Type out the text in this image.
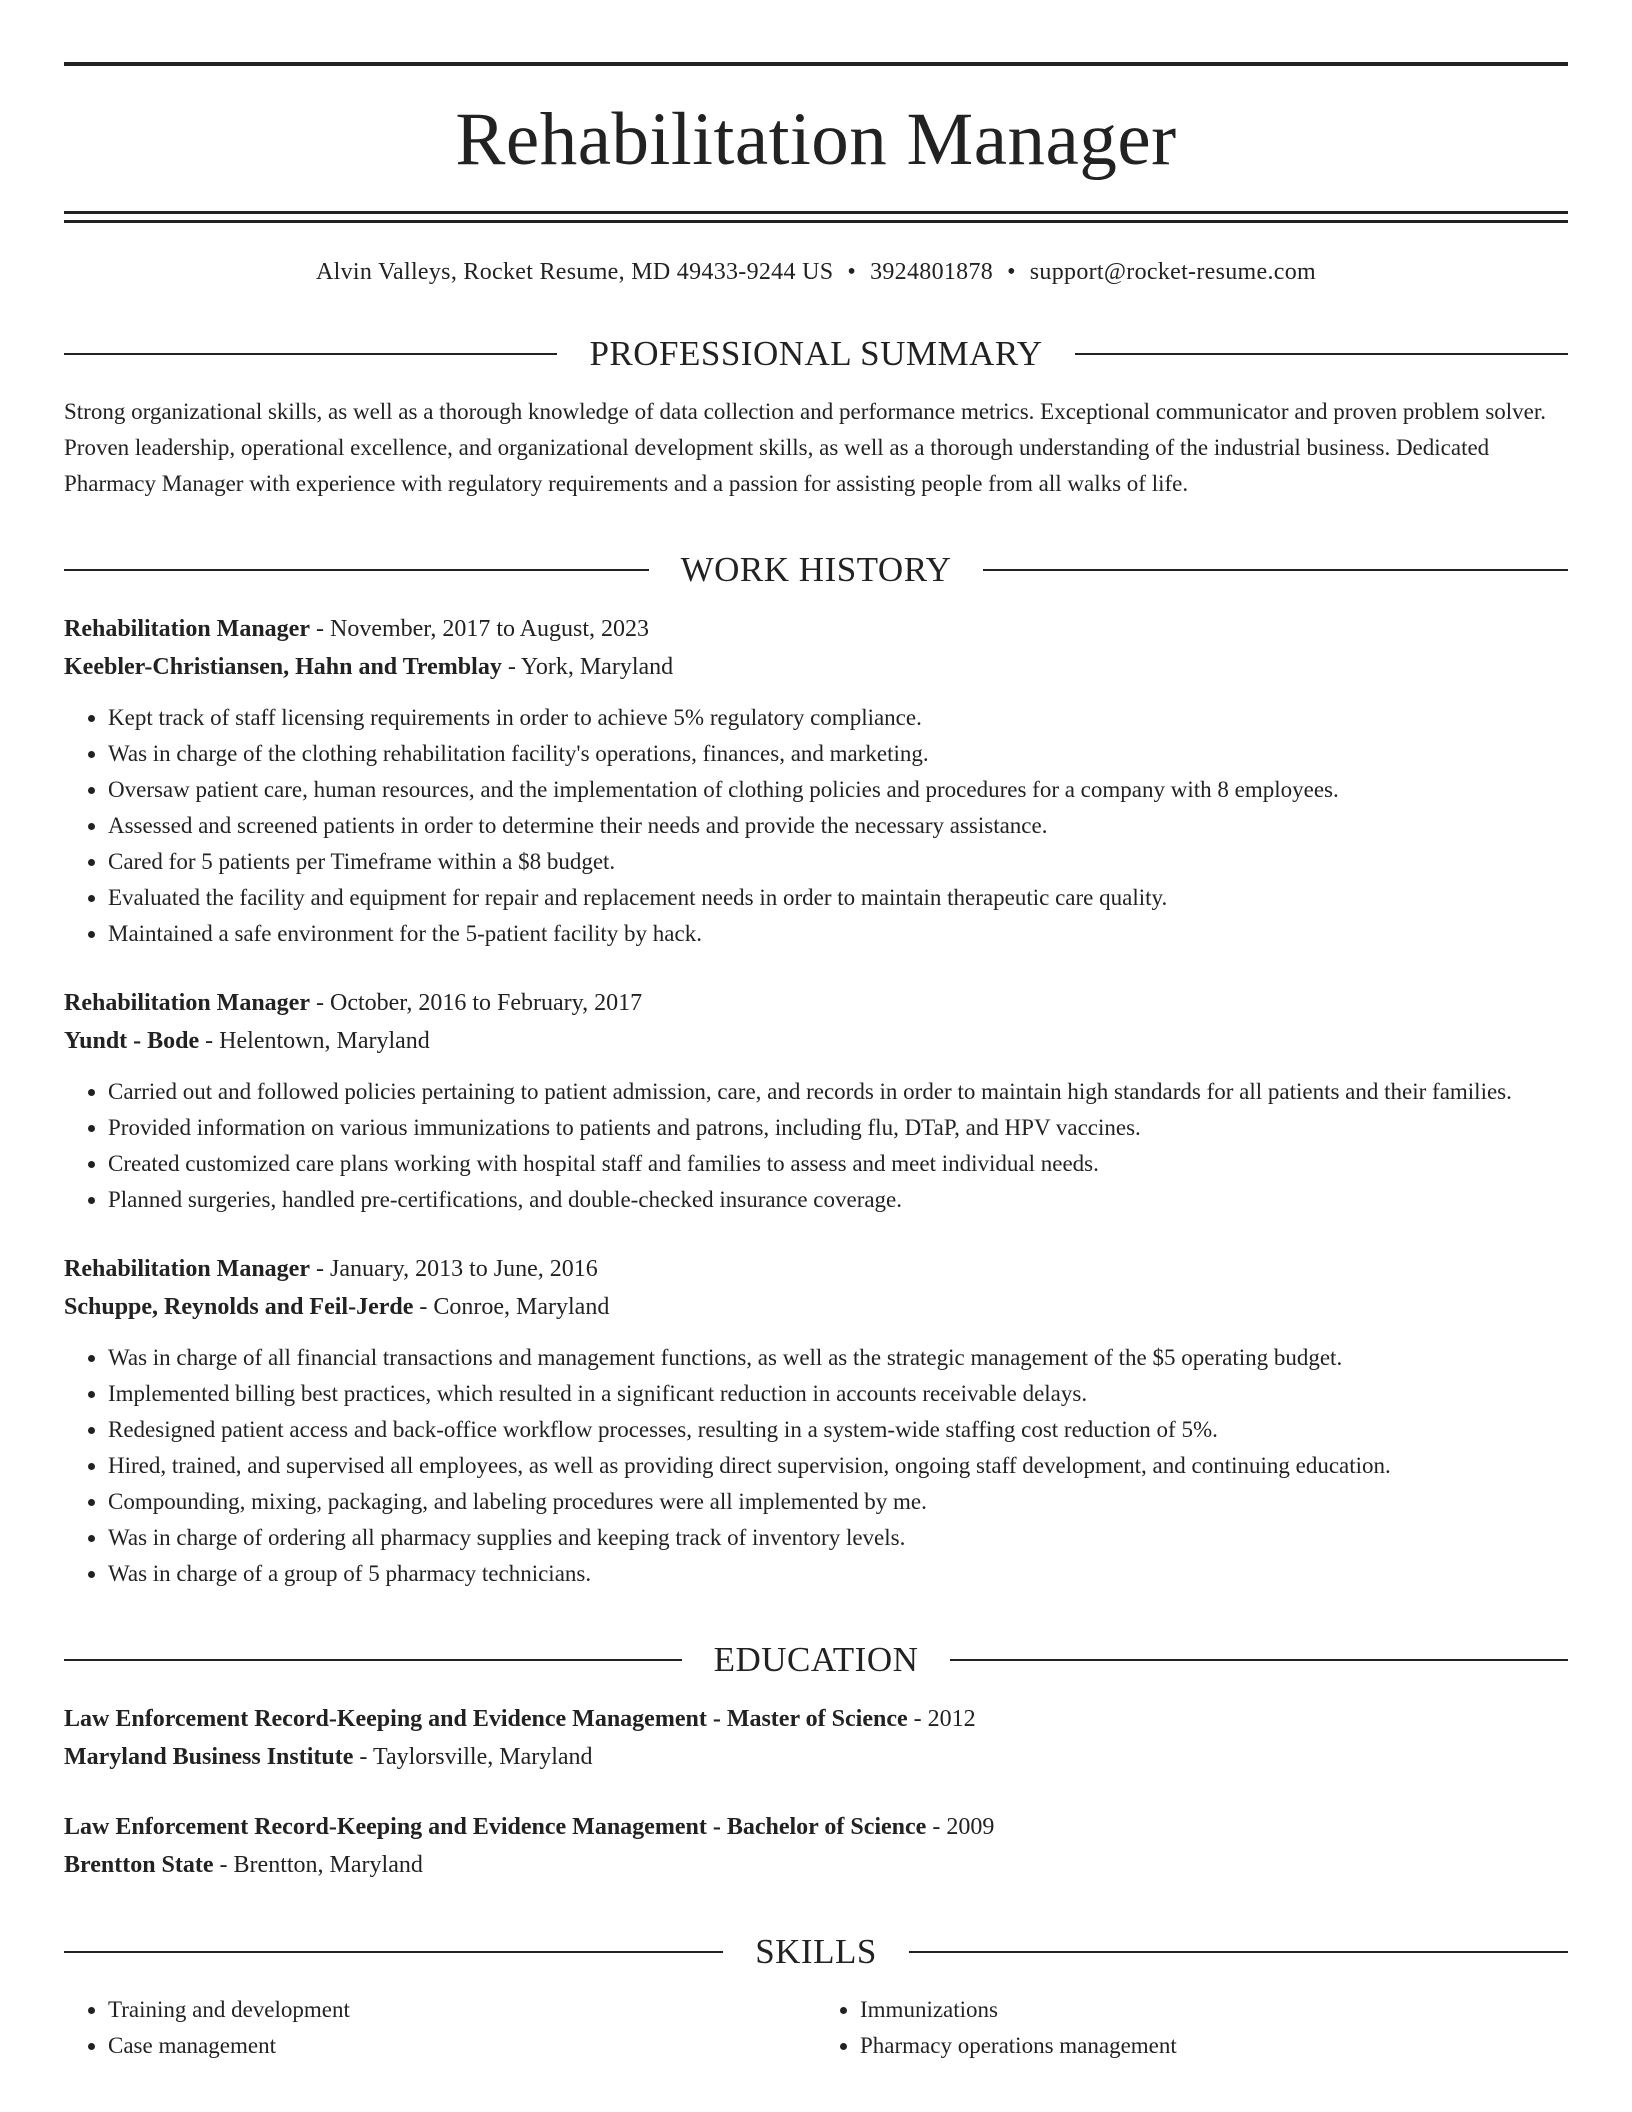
Rehabilitation Manager
Alvin Valleys, Rocket Resume, MD 49433-9244 US • 3924801878 • support@rocket-resume.com
PROFESSIONAL SUMMARY

Strong organizational skills, as well as a thorough knowledge of data collection and performance metrics. Exceptional communicator and proven problem solver. Proven leadership, operational excellence, and organizational development skills, as well as a thorough understanding of the industrial business. Dedicated Pharmacy Manager with experience with regulatory requirements and a passion for assisting people from all walks of life.

WORK HISTORY
Rehabilitation Manager - November, 2017 to August, 2023
Keebler-Christiansen, Hahn and Tremblay - York, Maryland
• Kept track of staff licensing requirements in order to achieve 5% regulatory compliance.
• Was in charge of the clothing rehabilitation facility's operations, finances, and marketing.
• Oversaw patient care, human resources, and the implementation of clothing policies and procedures for a company with 8 employees.
• Assessed and screened patients in order to determine their needs and provide the necessary assistance.
• Cared for 5 patients per Timeframe within a $8 budget.
• Evaluated the facility and equipment for repair and replacement needs in order to maintain therapeutic care quality.
• Maintained a safe environment for the 5-patient facility by hack.
Rehabilitation Manager - October, 2016 to February, 2017
Yundt - Bode - Helentown, Maryland
• Carried out and followed policies pertaining to patient admission, care, and records in order to maintain high standards for all patients and their families.
• Provided information on various immunizations to patients and patrons, including flu, DTaP, and HPV vaccines.
• Created customized care plans working with hospital staff and families to assess and meet individual needs.
• Planned surgeries, handled pre-certifications, and double-checked insurance coverage.
Rehabilitation Manager - January, 2013 to June, 2016
Schuppe, Reynolds and Feil-Jerde - Conroe, Maryland
• Was in charge of all financial transactions and management functions, as well as the strategic management of the $5 operating budget.
• Implemented billing best practices, which resulted in a significant reduction in accounts receivable delays.
• Redesigned patient access and back-office workflow processes, resulting in a system-wide staffing cost reduction of 5%.
• Hired, trained, and supervised all employees, as well as providing direct supervision, ongoing staff development, and continuing education.
• Compounding, mixing, packaging, and labeling procedures were all implemented by me.
• Was in charge of ordering all pharmacy supplies and keeping track of inventory levels.
• Was in charge of a group of 5 pharmacy technicians.
EDUCATION
Law Enforcement Record-Keeping and Evidence Management - Master of Science - 2012
Maryland Business Institute - Taylorsville, Maryland
Law Enforcement Record-Keeping and Evidence Management - Bachelor of Science - 2009
Brentton State - Brentton, Maryland
SKILLS
• Training and development
• Case management
• Immunizations
• Pharmacy operations management
